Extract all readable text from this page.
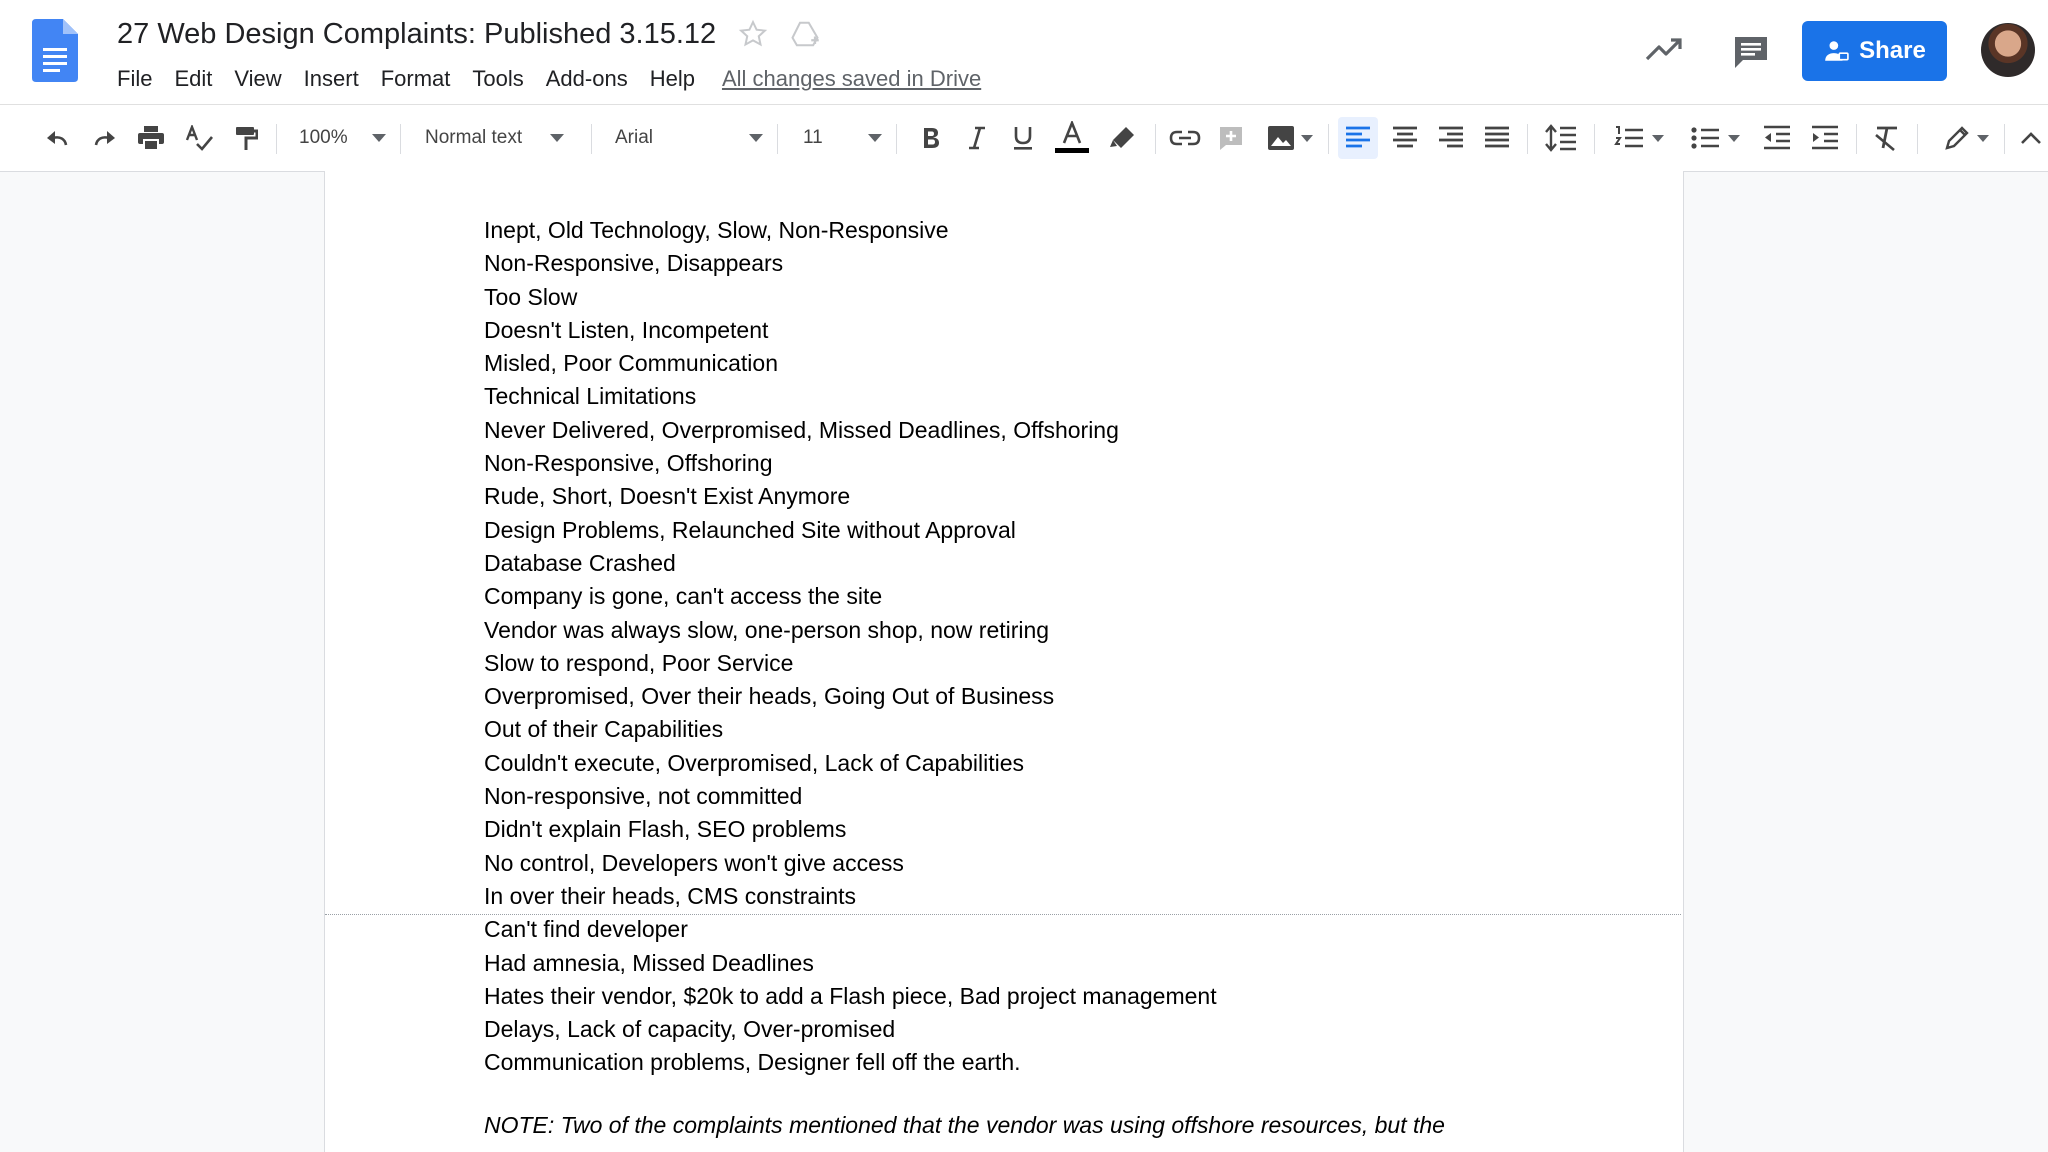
27 Web Design Complaints: Published 3.15.12
File	Edit	View	Insert	Format	Tools	Add-ons	Help	All changes saved in Drive
Share
100%	Normal text	Arial	11
Inept, Old Technology, Slow, Non-Responsive
Non-Responsive, Disappears
Too Slow
Doesn't Listen, Incompetent
Misled, Poor Communication
Technical Limitations
Never Delivered, Overpromised, Missed Deadlines, Offshoring
Non-Responsive, Offshoring
Rude, Short, Doesn't Exist Anymore
Design Problems, Relaunched Site without Approval
Database Crashed
Company is gone, can't access the site
Vendor was always slow, one-person shop, now retiring
Slow to respond, Poor Service
Overpromised, Over their heads, Going Out of Business
Out of their Capabilities
Couldn't execute, Overpromised, Lack of Capabilities
Non-responsive, not committed
Didn't explain Flash, SEO problems
No control, Developers won't give access
In over their heads, CMS constraints
Can't find developer
Had amnesia, Missed Deadlines
Hates their vendor, $20k to add a Flash piece, Bad project management
Delays, Lack of capacity, Over-promised
Communication problems, Designer fell off the earth.
NOTE: Two of the complaints mentioned that the vendor was using offshore resources, but the
